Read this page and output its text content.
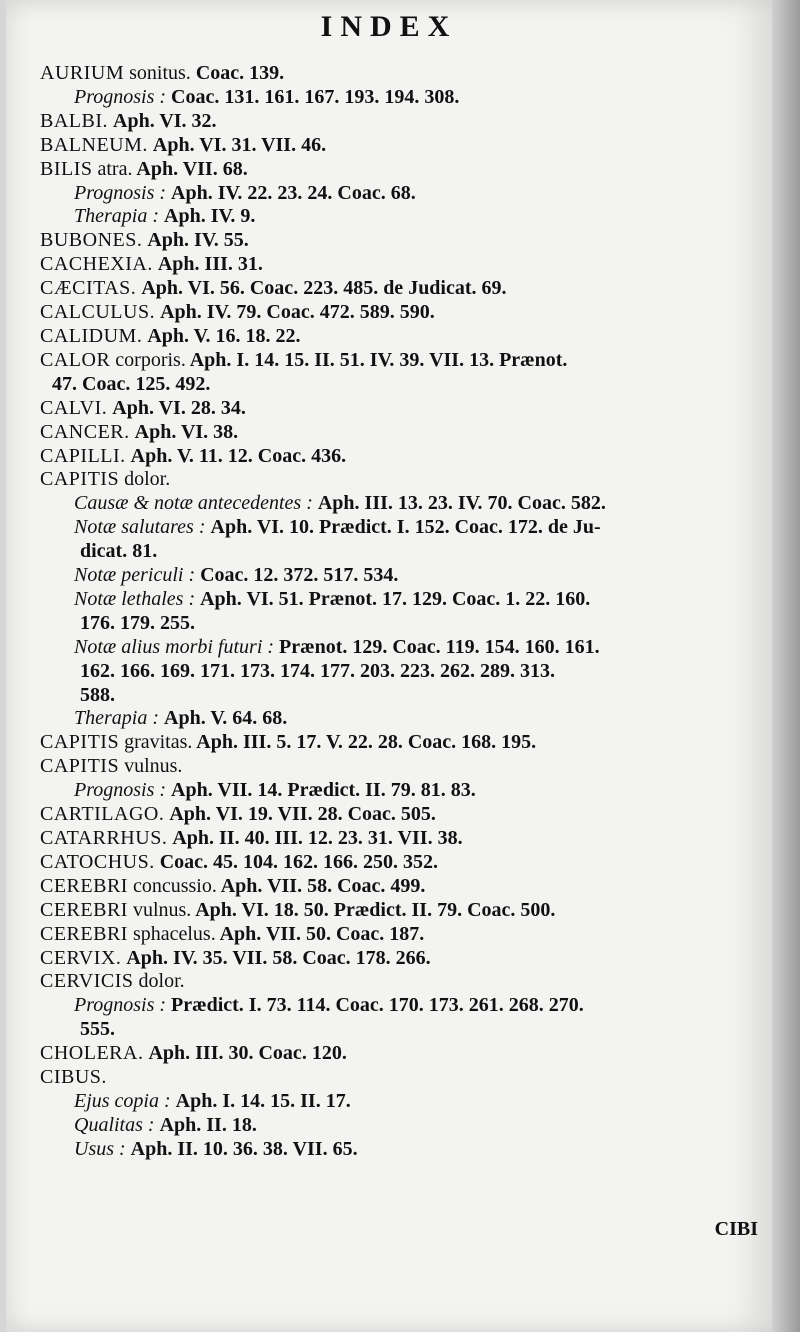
INDEX
AURIUM sonitus. Coac. 139.
Prognosis : Coac. 131. 161. 167. 193. 194. 308.
BALBI. Aph. VI. 32.
BALNEUM. Aph. VI. 31. VII. 46.
BILIS atra. Aph. VII. 68.
Prognosis : Aph. IV. 22. 23. 24. Coac. 68.
Therapia : Aph. IV. 9.
BUBONES. Aph. IV. 55.
CACHEXIA. Aph. III. 31.
CÆCITAS. Aph. VI. 56. Coac. 223. 485. de Judicat. 69.
CALCULUS. Aph. IV. 79. Coac. 472. 589. 590.
CALIDUM. Aph. V. 16. 18. 22.
CALOR corporis. Aph. I. 14. 15. II. 51. IV. 39. VII. 13. Prænot.
47. Coac. 125. 492.
CALVI. Aph. VI. 28. 34.
CANCER. Aph. VI. 38.
CAPILLI. Aph. V. 11. 12. Coac. 436.
CAPITIS dolor.
Causæ & notæ antecedentes : Aph. III. 13. 23. IV. 70. Coac. 582.
Notæ salutares : Aph. VI. 10. Prædict. I. 152. Coac. 172. de Ju-
dicat. 81.
Notæ periculi : Coac. 12. 372. 517. 534.
Notæ lethales : Aph. VI. 51. Prænot. 17. 129. Coac. 1. 22. 160.
176. 179. 255.
Notæ alius morbi futuri : Prænot. 129. Coac. 119. 154. 160. 161.
162. 166. 169. 171. 173. 174. 177. 203. 223. 262. 289. 313.
588.
Therapia : Aph. V. 64. 68.
CAPITIS gravitas. Aph. III. 5. 17. V. 22. 28. Coac. 168. 195.
CAPITIS vulnus.
Prognosis : Aph. VII. 14. Prædict. II. 79. 81. 83.
CARTILAGO. Aph. VI. 19. VII. 28. Coac. 505.
CATARRHUS. Aph. II. 40. III. 12. 23. 31. VII. 38.
CATOCHUS. Coac. 45. 104. 162. 166. 250. 352.
CEREBRI concussio. Aph. VII. 58. Coac. 499.
CEREBRI vulnus. Aph. VI. 18. 50. Prædict. II. 79. Coac. 500.
CEREBRI sphacelus. Aph. VII. 50. Coac. 187.
CERVIX. Aph. IV. 35. VII. 58. Coac. 178. 266.
CERVICIS dolor.
Prognosis : Prædict. I. 73. 114. Coac. 170. 173. 261. 268. 270.
555.
CHOLERA. Aph. III. 30. Coac. 120.
CIBUS.
Ejus copia : Aph. I. 14. 15. II. 17.
Qualitas : Aph. II. 18.
Usus : Aph. II. 10. 36. 38. VII. 65.
CIBI
